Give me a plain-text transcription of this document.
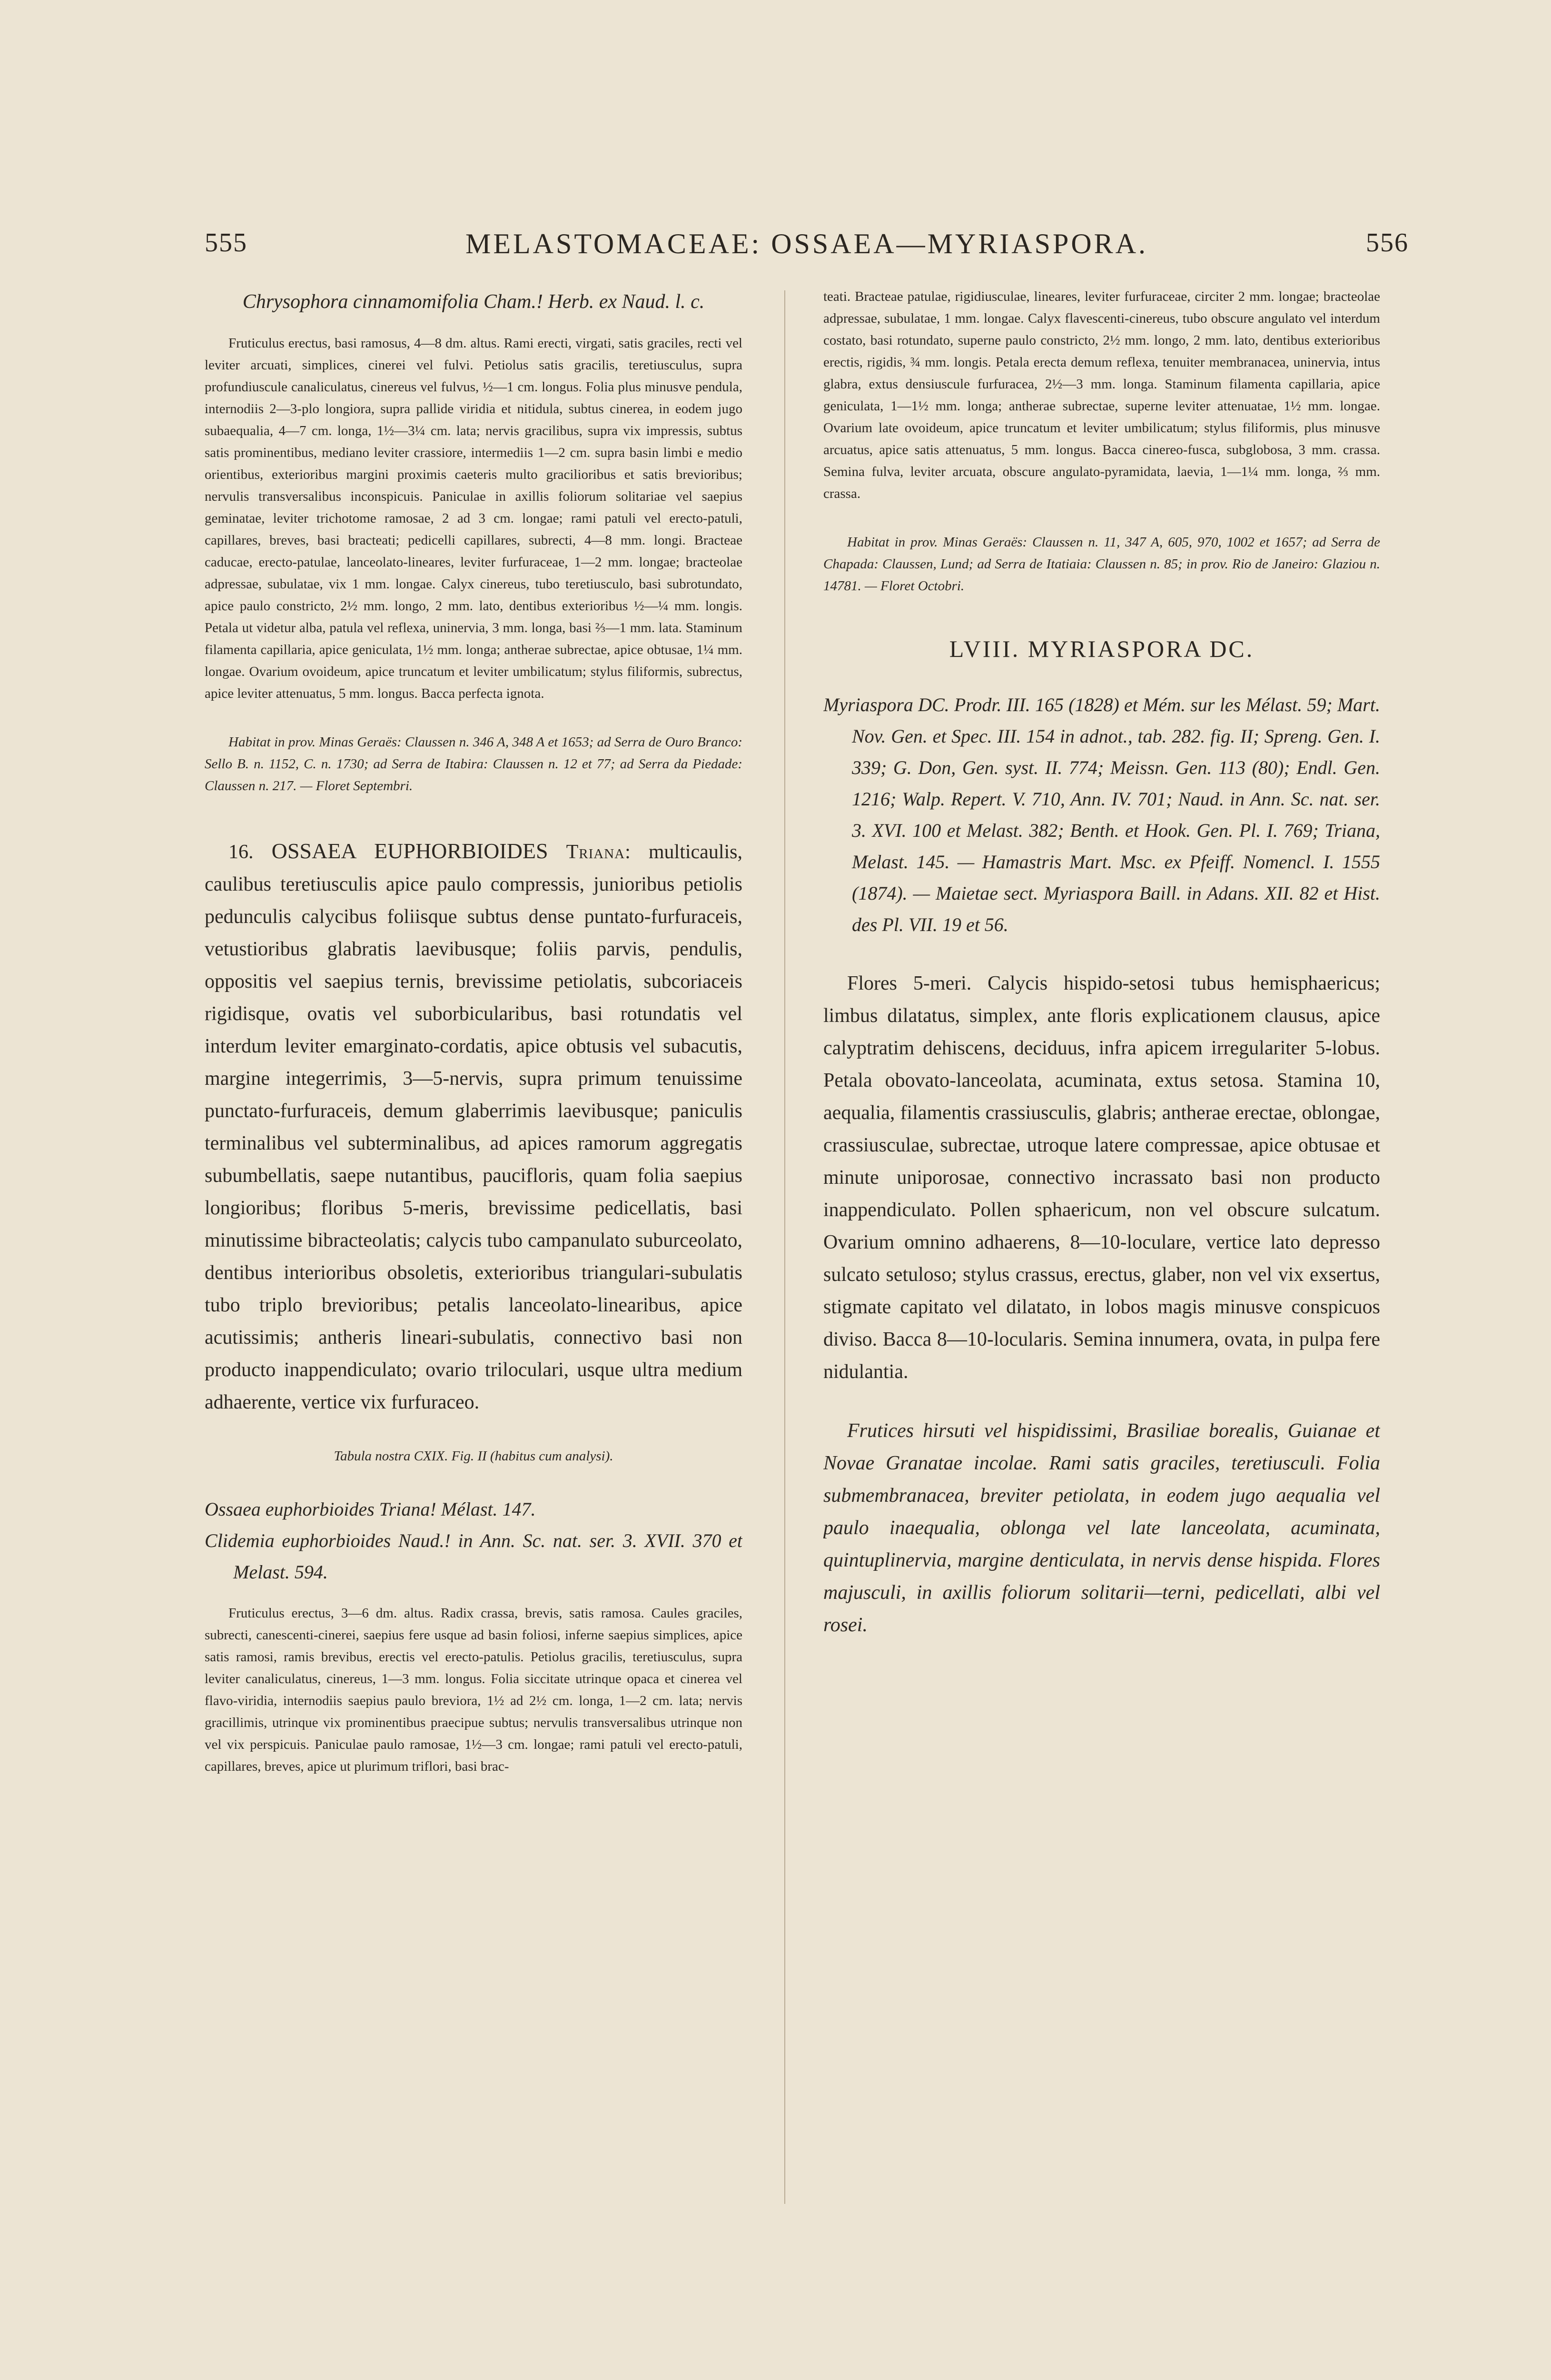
555	MELASTOMACEAE: OSSAEA—MYRIASPORA.	556

Chrysophora cinnamomifolia Cham.! Herb. ex Naud. l. c.

Fruticulus erectus, basi ramosus, 4—8 dm. altus. Rami erecti, virgati, satis graciles, recti vel leviter arcuati, simplices, cinerei vel fulvi. Petiolus satis gracilis, teretiusculus, supra profundiuscule canaliculatus, cinereus vel fulvus, ½—1 cm. longus. Folia plus minusve pendula, internodiis 2—3-plo longiora, supra pallide viridia et nitidula, subtus cinerea, in eodem jugo subaequalia, 4—7 cm. longa, 1½—3¼ cm. lata; nervis gracilibus, supra vix impressis, subtus satis prominentibus, mediano leviter crassiore, intermediis 1—2 cm. supra basin limbi e medio orientibus, exterioribus margini proximis caeteris multo gracilioribus et satis brevioribus; nervulis transversalibus inconspicuis. Paniculae in axillis foliorum solitariae vel saepius geminatae, leviter trichotome ramosae, 2 ad 3 cm. longae; rami patuli vel erecto-patuli, capillares, breves, basi bracteati; pedicelli capillares, subrecti, 4—8 mm. longi. Bracteae caducae, erecto-patulae, lanceolato-lineares, leviter furfuraceae, 1—2 mm. longae; bracteolae adpressae, subulatae, vix 1 mm. longae. Calyx cinereus, tubo teretiusculo, basi subrotundato, apice paulo constricto, 2½ mm. longo, 2 mm. lato, dentibus exterioribus ½—¼ mm. longis. Petala ut videtur alba, patula vel reflexa, uninervia, 3 mm. longa, basi ⅔—1 mm. lata. Staminum filamenta capillaria, apice geniculata, 1½ mm. longa; antherae subrectae, apice obtusae, 1¼ mm. longae. Ovarium ovoideum, apice truncatum et leviter umbilicatum; stylus filiformis, subrectus, apice leviter attenuatus, 5 mm. longus. Bacca perfecta ignota.

Habitat in prov. Minas Geraës: Claussen n. 346 A, 348 A et 1653; ad Serra de Ouro Branco: Sello B. n. 1152, C. n. 1730; ad Serra de Itabira: Claussen n. 12 et 77; ad Serra da Piedade: Claussen n. 217. — Floret Septembri.

16. OSSAEA EUPHORBIOIDES Triana: multicaulis, caulibus teretiusculis apice paulo compressis, junioribus petiolis pedunculis calycibus foliisque subtus dense puntato-furfuraceis, vetustioribus glabratis laevibusque; foliis parvis, pendulis, oppositis vel saepius ternis, brevissime petiolatis, subcoriaceis rigidisque, ovatis vel suborbicularibus, basi rotundatis vel interdum leviter emarginato-cordatis, apice obtusis vel subacutis, margine integerrimis, 3—5-nervis, supra primum tenuissime punctato-furfuraceis, demum glaberrimis laevibusque; paniculis terminalibus vel subterminalibus, ad apices ramorum aggregatis subumbellatis, saepe nutantibus, paucifloris, quam folia saepius longioribus; floribus 5-meris, brevissime pedicellatis, basi minutissime bibracteolatis; calycis tubo campanulato suburceolato, dentibus interioribus obsoletis, exterioribus triangulari-subulatis tubo triplo brevioribus; petalis lanceolato-linearibus, apice acutissimis; antheris lineari-subulatis, connectivo basi non producto inappendiculato; ovario triloculari, usque ultra medium adhaerente, vertice vix furfuraceo.

Tabula nostra CXIX. Fig. II (habitus cum analysi).

Ossaea euphorbioides Triana! Mélast. 147.

Clidemia euphorbioides Naud.! in Ann. Sc. nat. ser. 3. XVII. 370 et Melast. 594.

Fruticulus erectus, 3—6 dm. altus. Radix crassa, brevis, satis ramosa. Caules graciles, subrecti, canescenti-cinerei, saepius fere usque ad basin foliosi, inferne saepius simplices, apice satis ramosi, ramis brevibus, erectis vel erecto-patulis. Petiolus gracilis, teretiusculus, supra leviter canaliculatus, cinereus, 1—3 mm. longus. Folia siccitate utrinque opaca et cinerea vel flavo-viridia, internodiis saepius paulo breviora, 1½ ad 2½ cm. longa, 1—2 cm. lata; nervis gracillimis, utrinque vix prominentibus praecipue subtus; nervulis transversalibus utrinque non vel vix perspicuis. Paniculae paulo ramosae, 1½—3 cm. longae; rami patuli vel erecto-patuli, capillares, breves, apice ut plurimum triflori, basi brac-

teati. Bracteae patulae, rigidiusculae, lineares, leviter furfuraceae, circiter 2 mm. longae; bracteolae adpressae, subulatae, 1 mm. longae. Calyx flavescenti-cinereus, tubo obscure angulato vel interdum costato, basi rotundato, superne paulo constricto, 2½ mm. longo, 2 mm. lato, dentibus exterioribus erectis, rigidis, ¾ mm. longis. Petala erecta demum reflexa, tenuiter membranacea, uninervia, intus glabra, extus densiuscule furfuracea, 2½—3 mm. longa. Staminum filamenta capillaria, apice geniculata, 1—1½ mm. longa; antherae subrectae, superne leviter attenuatae, 1½ mm. longae. Ovarium late ovoideum, apice truncatum et leviter umbilicatum; stylus filiformis, plus minusve arcuatus, apice satis attenuatus, 5 mm. longus. Bacca cinereo-fusca, subglobosa, 3 mm. crassa. Semina fulva, leviter arcuata, obscure angulato-pyramidata, laevia, 1—1¼ mm. longa, ⅔ mm. crassa.

Habitat in prov. Minas Geraës: Claussen n. 11, 347 A, 605, 970, 1002 et 1657; ad Serra de Chapada: Claussen, Lund; ad Serra de Itatiaia: Claussen n. 85; in prov. Rio de Janeiro: Glaziou n. 14781. — Floret Octobri.

LVIII. MYRIASPORA DC.

Myriaspora DC. Prodr. III. 165 (1828) et Mém. sur les Mélast. 59; Mart. Nov. Gen. et Spec. III. 154 in adnot., tab. 282. fig. II; Spreng. Gen. I. 339; G. Don, Gen. syst. II. 774; Meissn. Gen. 113 (80); Endl. Gen. 1216; Walp. Repert. V. 710, Ann. IV. 701; Naud. in Ann. Sc. nat. ser. 3. XVI. 100 et Melast. 382; Benth. et Hook. Gen. Pl. I. 769; Triana, Melast. 145. — Hamastris Mart. Msc. ex Pfeiff. Nomencl. I. 1555 (1874). — Maietae sect. Myriaspora Baill. in Adans. XII. 82 et Hist. des Pl. VII. 19 et 56.

Flores 5-meri. Calycis hispido-setosi tubus hemisphaericus; limbus dilatatus, simplex, ante floris explicationem clausus, apice calyptratim dehiscens, deciduus, infra apicem irregulariter 5-lobus. Petala obovato-lanceolata, acuminata, extus setosa. Stamina 10, aequalia, filamentis crassiusculis, glabris; antherae erectae, oblongae, crassiusculae, subrectae, utroque latere compressae, apice obtusae et minute uniporosae, connectivo incrassato basi non producto inappendiculato. Pollen sphaericum, non vel obscure sulcatum. Ovarium omnino adhaerens, 8—10-loculare, vertice lato depresso sulcato setuloso; stylus crassus, erectus, glaber, non vel vix exsertus, stigmate capitato vel dilatato, in lobos magis minusve conspicuos diviso. Bacca 8—10-locularis. Semina innumera, ovata, in pulpa fere nidulantia.

Frutices hirsuti vel hispidissimi, Brasiliae borealis, Guianae et Novae Granatae incolae. Rami satis graciles, teretiusculi. Folia submembranacea, breviter petiolata, in eodem jugo aequalia vel paulo inaequalia, oblonga vel late lanceolata, acuminata, quintuplinervia, margine denticulata, in nervis dense hispida. Flores majusculi, in axillis foliorum solitarii—terni, pedicellati, albi vel rosei.
